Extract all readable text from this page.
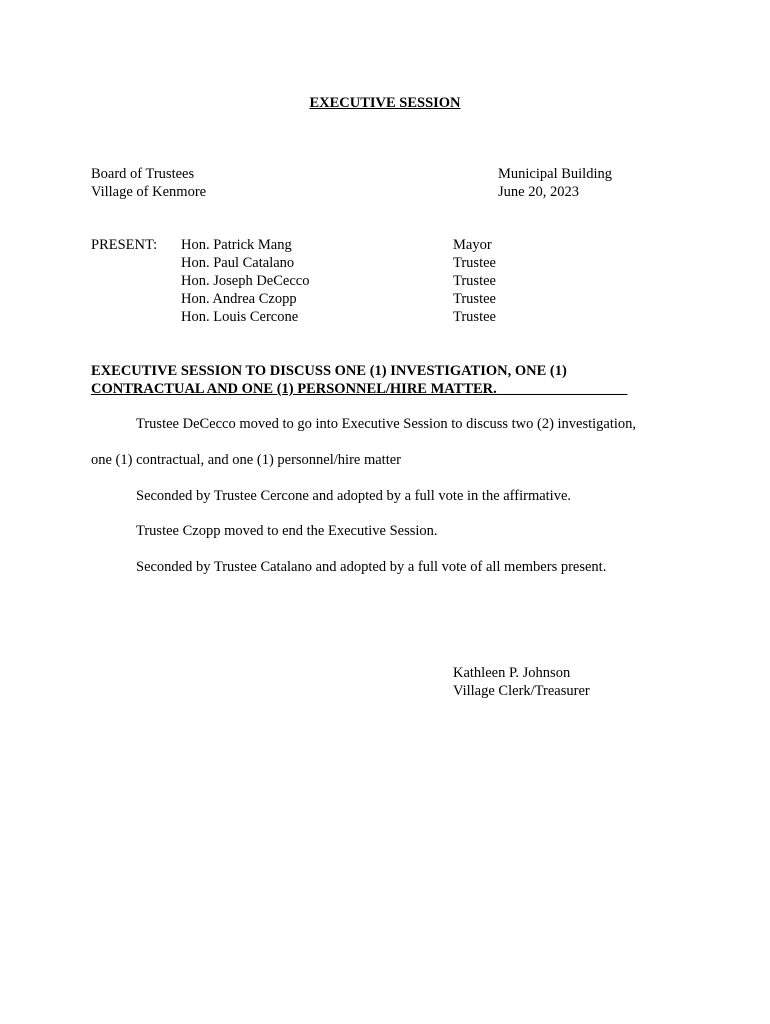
EXECUTIVE SESSION
Board of Trustees
Village of Kenmore
Municipal Building
June 20, 2023
PRESENT: Hon. Patrick Mang
Hon. Paul Catalano
Hon. Joseph DeCecco
Hon. Andrea Czopp
Hon. Louis Cercone
Mayor
Trustee
Trustee
Trustee
Trustee
EXECUTIVE SESSION TO DISCUSS ONE (1) INVESTIGATION, ONE (1)
CONTRACTUAL AND ONE (1) PERSONNEL/HIRE MATTER.__________________
Trustee DeCecco moved to go into Executive Session to discuss two (2) investigation,
one (1) contractual, and one (1) personnel/hire matter
Seconded by Trustee Cercone and adopted by a full vote in the affirmative.
Trustee Czopp moved to end the Executive Session.
Seconded by Trustee Catalano and adopted by a full vote of all members present.
Kathleen P. Johnson
Village Clerk/Treasurer
